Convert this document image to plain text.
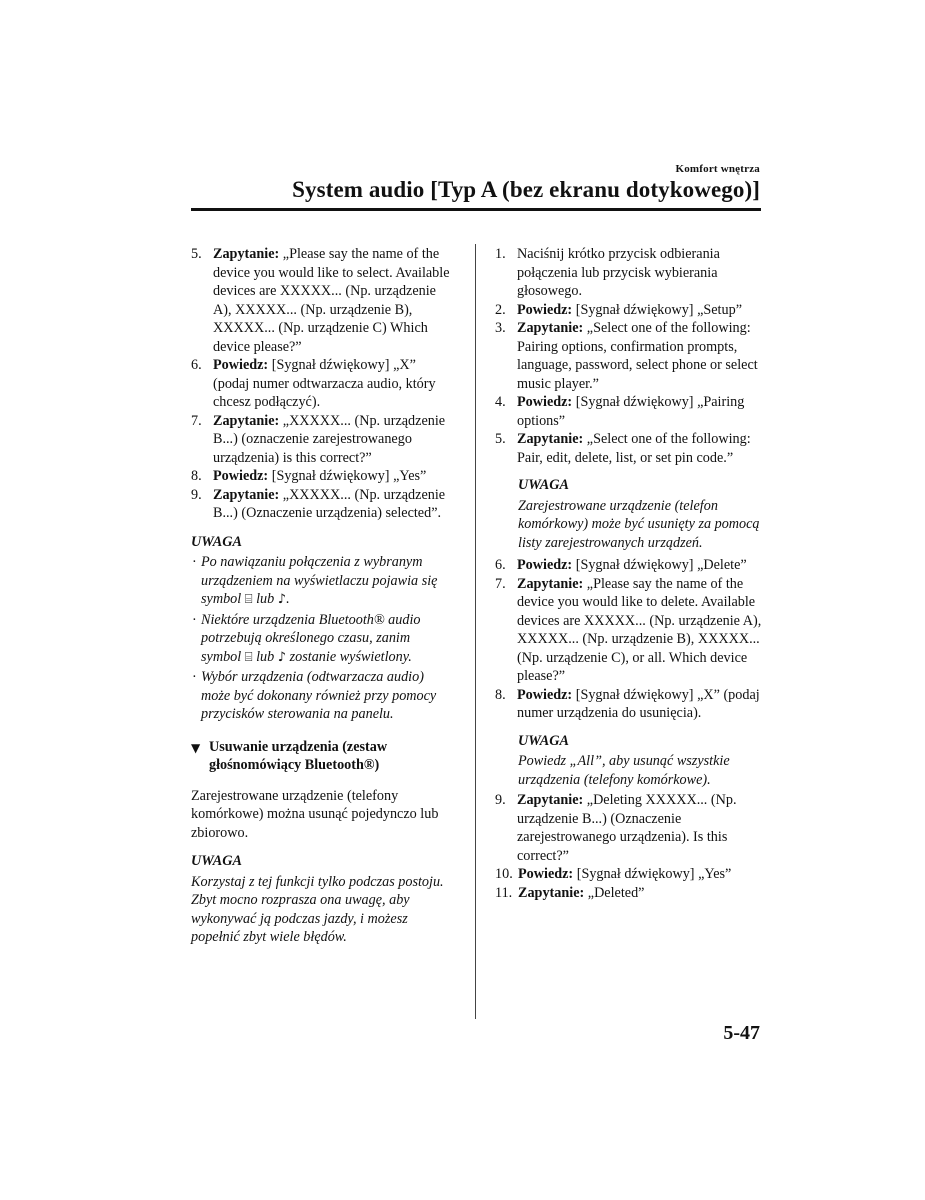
Komfort wnętrza
System audio [Typ A (bez ekranu dotykowego)]
5. Zapytanie: „Please say the name of the device you would like to select. Available devices are XXXXX... (Np. urządzenie A), XXXXX... (Np. urządzenie B), XXXXX... (Np. urządzenie C) Which device please?”
6. Powiedz: [Sygnał dźwiękowy] „X” (podaj numer odtwarzacza audio, który chcesz podłączyć).
7. Zapytanie: „XXXXX... (Np. urządzenie B...) (oznaczenie zarejestrowanego urządzenia) is this correct?”
8. Powiedz: [Sygnał dźwiękowy] „Yes”
9. Zapytanie: „XXXXX... (Np. urządzenie B...) (Oznaczenie urządzenia) selected”.
UWAGA
· Po nawiązaniu połączenia z wybranym urządzeniem na wyświetlaczu pojawia się symbol ⌸ lub ♪.
· Niektóre urządzenia Bluetooth® audio potrzebują określonego czasu, zanim symbol ⌸ lub ♪ zostanie wyświetlony.
· Wybór urządzenia (odtwarzacza audio) może być dokonany również przy pomocy przycisków sterowania na panelu.
▼ Usuwanie urządzenia (zestaw głośnomówiący Bluetooth®)
Zarejestrowane urządzenie (telefony komórkowe) można usunąć pojedynczo lub zbiorowo.
UWAGA
Korzystaj z tej funkcji tylko podczas postoju. Zbyt mocno rozprasza ona uwagę, aby wykonywać ją podczas jazdy, i możesz popełnić zbyt wiele błędów.
1. Naciśnij krótko przycisk odbierania połączenia lub przycisk wybierania głosowego.
2. Powiedz: [Sygnał dźwiękowy] „Setup”
3. Zapytanie: „Select one of the following: Pairing options, confirmation prompts, language, password, select phone or select music player.”
4. Powiedz: [Sygnał dźwiękowy] „Pairing options”
5. Zapytanie: „Select one of the following: Pair, edit, delete, list, or set pin code.”
UWAGA
Zarejestrowane urządzenie (telefon komórkowy) może być usunięty za pomocą listy zarejestrowanych urządzeń.
6. Powiedz: [Sygnał dźwiękowy] „Delete”
7. Zapytanie: „Please say the name of the device you would like to delete. Available devices are XXXXX... (Np. urządzenie A), XXXXX... (Np. urządzenie B), XXXXX... (Np. urządzenie C), or all. Which device please?”
8. Powiedz: [Sygnał dźwiękowy] „X” (podaj numer urządzenia do usunięcia).
UWAGA
Powiedz „All”, aby usunąć wszystkie urządzenia (telefony komórkowe).
9. Zapytanie: „Deleting XXXXX... (Np. urządzenie B...) (Oznaczenie zarejestrowanego urządzenia). Is this correct?”
10. Powiedz: [Sygnał dźwiękowy] „Yes”
11. Zapytanie: „Deleted”
5-47
